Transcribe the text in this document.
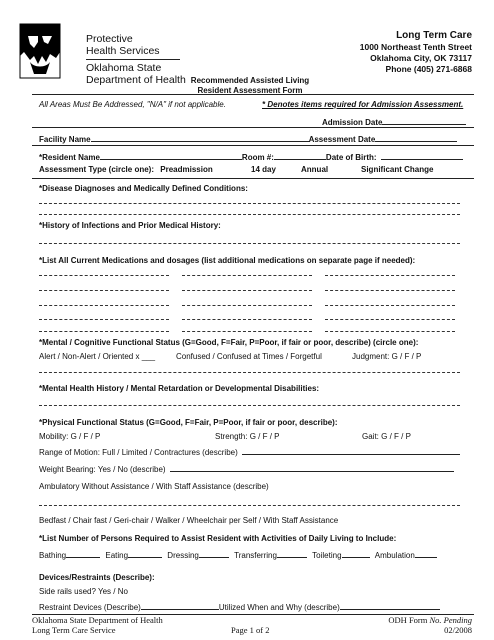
Protective
Health Services
Oklahoma State
Department of Health Recommended Assisted Living
Resident Assessment Form
Long Term Care
1000 Northeast Tenth Street
Oklahoma City, OK 73117
Phone (405) 271-6868
All Areas Must Be Addressed, "N/A" if not applicable.	* Denotes items required for Admission Assessment.
Admission Date
Facility Name	Assessment Date
*Resident Name	Room #:	Date of Birth:
Assessment Type (circle one): Preadmission	14 day	Annual	Significant Change
*Disease Diagnoses and Medically Defined Conditions:
*History of Infections and Prior Medical History:
*List All Current Medications and dosages (list additional medications on separate page if needed):
*Mental / Cognitive Functional Status (G=Good, F=Fair, P=Poor, if fair or poor, describe) (circle one):
Alert / Non-Alert / Oriented x ___	Confused / Confused at Times / Forgetful	Judgment: G / F / P
*Mental Health History / Mental Retardation or Developmental Disabilities:
*Physical Functional Status (G=Good, F=Fair, P=Poor, if fair or poor, describe):
Mobility: G / F / P	Strength: G / F / P	Gait: G / F / P
Range of Motion: Full / Limited / Contractures (describe)
Weight Bearing: Yes / No (describe)
Ambulatory Without Assistance / With Staff Assistance (describe)
Bedfast / Chair fast / Geri-chair / Walker / Wheelchair per Self / With Staff Assistance
*List Number of Persons Required to Assist Resident with Activities of Daily Living to Include:
Bathing	Eating	Dressing	Transferring	Toileting	Ambulation
Devices/Restraints (Describe):
Side rails used? Yes / No
Restraint Devices (Describe)	Utilized When and Why (describe)
Oklahoma State Department of Health
Long Term Care Service	Page 1 of 2
ODH Form No. Pending
02/2008
